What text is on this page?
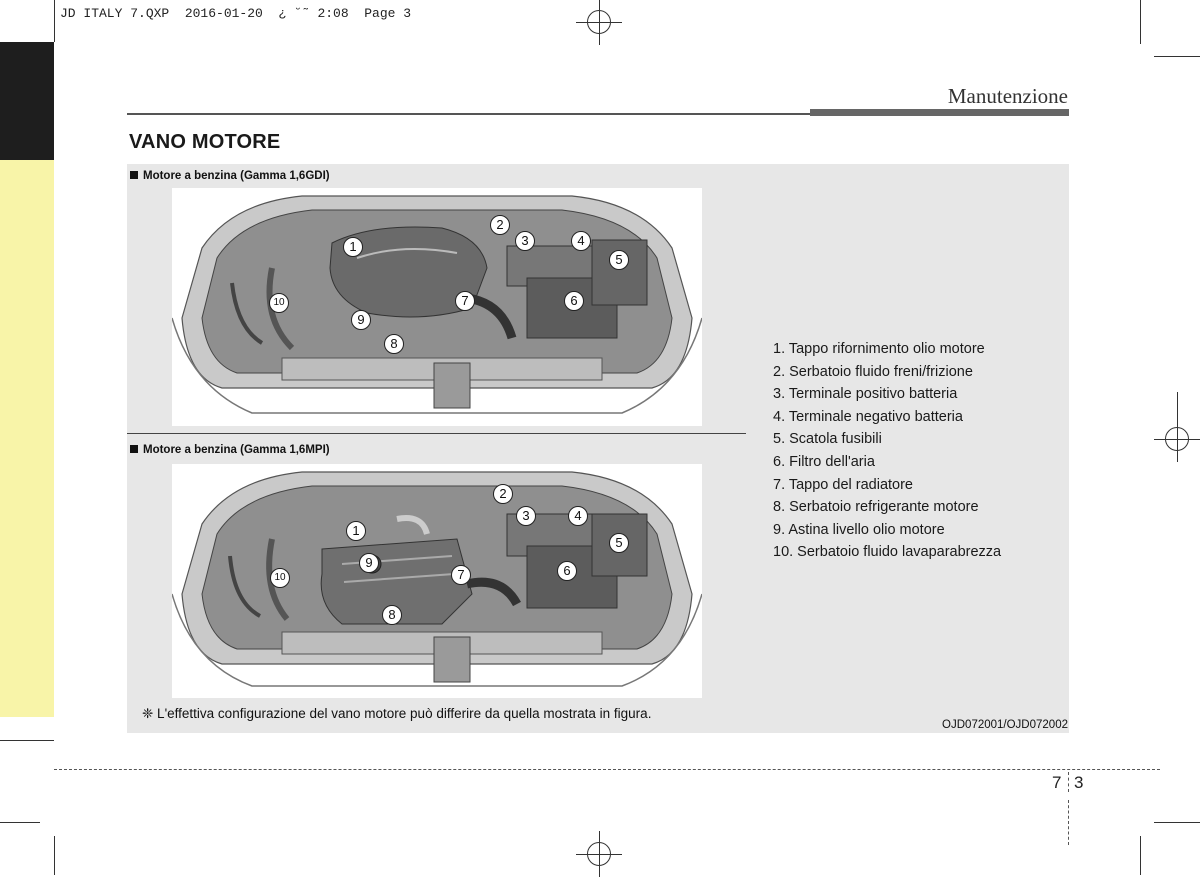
JD ITALY 7.QXP  2016-01-20  ¿ ˘˜ 2:08  Page 3
Manutenzione
VANO MOTORE
Motore a benzina (Gamma 1,6GDI)
Motore a benzina (Gamma 1,6MPI)
1
2
3	4
5
6
7
8
9
10
1
2
3	4
5
6
7
8
9
10
1. Tappo rifornimento olio motore
2. Serbatoio fluido freni/frizione
3. Terminale positivo batteria
4. Terminale negativo batteria
5. Scatola fusibili
6. Filtro dell'aria
7. Tappo del radiatore
8. Serbatoio refrigerante motore
9. Astina livello olio motore
10. Serbatoio fluido lavaparabrezza
❈ L'effettiva configurazione del vano motore può differire da quella mostrata in figura.
OJD072001/OJD072002
7 3
